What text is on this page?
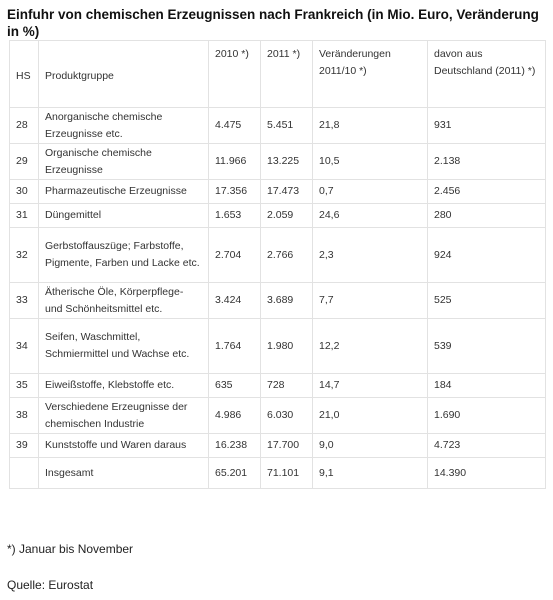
Einfuhr von chemischen Erzeugnissen nach Frankreich (in Mio. Euro, Veränderung in %)
HS	Produktgruppe	2010 *)	2011 *)	Veränderungen 2011/10 *)	davon aus Deutschland (2011) *)
28	Anorganische chemische Erzeugnisse etc.	4.475	5.451	21,8	931
29	Organische chemische Erzeugnisse	11.966	13.225	10,5	2.138
30	Pharmazeutische Erzeugnisse	17.356	17.473	0,7	2.456
31	Düngemittel	1.653	2.059	24,6	280
32	Gerbstoffauszüge; Farbstoffe, Pigmente, Farben und Lacke etc.	2.704	2.766	2,3	924
33	Ätherische Öle, Körperpflege- und Schönheitsmittel etc.	3.424	3.689	7,7	525
34	Seifen, Waschmittel, Schmiermittel und Wachse etc.	1.764	1.980	12,2	539
35	Eiweißstoffe, Klebstoffe etc.	635	728	14,7	184
38	Verschiedene Erzeugnisse der chemischen Industrie	4.986	6.030	21,0	1.690
39	Kunststoffe und Waren daraus	16.238	17.700	9,0	4.723
	Insgesamt	65.201	71.101	9,1	14.390
*) Januar bis November
Quelle: Eurostat
